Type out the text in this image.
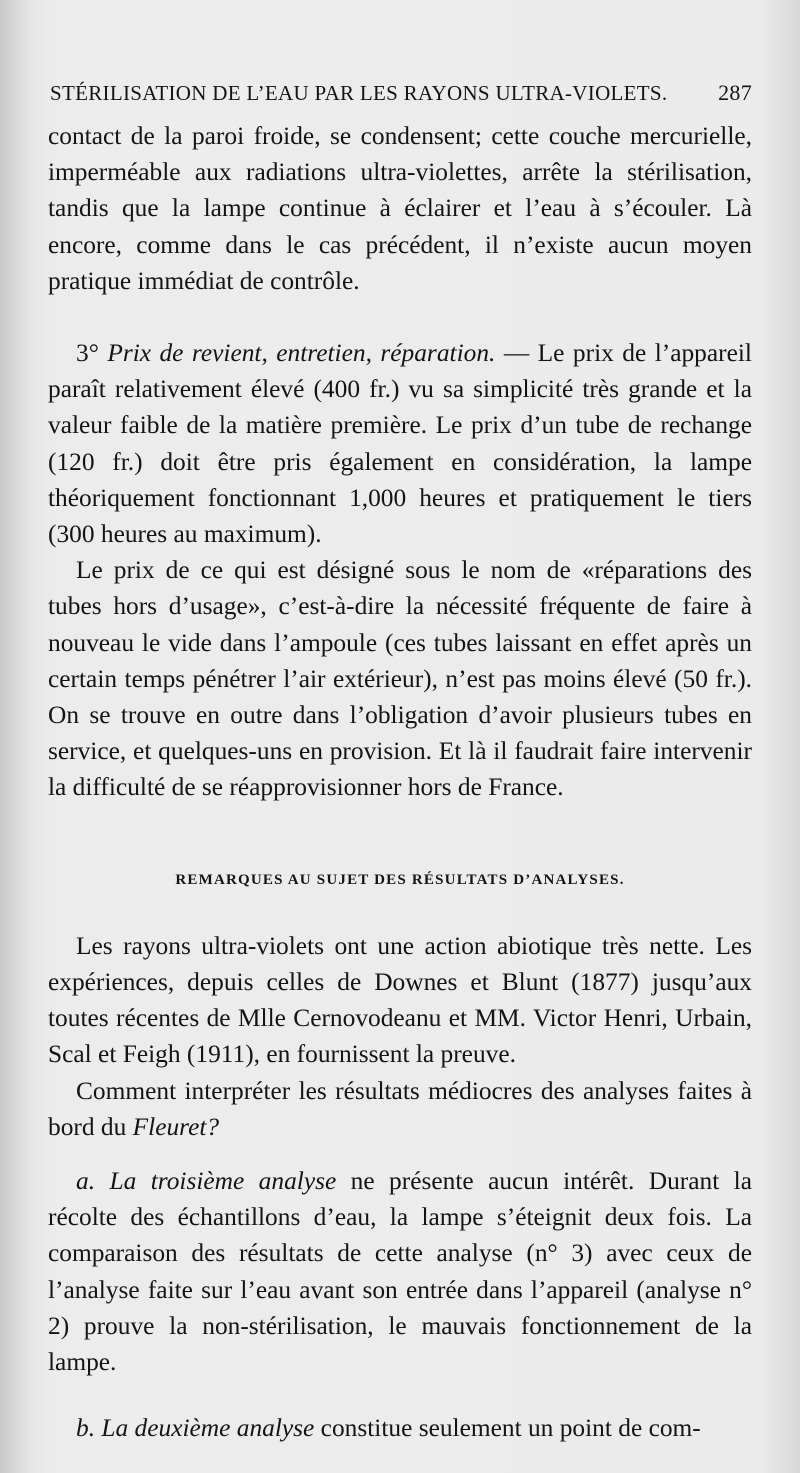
STÉRILISATION DE L’EAU PAR LES RAYONS ULTRA-VIOLETS. 287

contact de la paroi froide, se condensent; cette couche mercurielle, imperméable aux radiations ultra-violettes, arrête la stérilisation, tandis que la lampe continue à éclairer et l’eau à s’écouler. Là encore, comme dans le cas précédent, il n’existe aucun moyen pratique immédiat de contrôle.

3° Prix de revient, entretien, réparation. — Le prix de l’appareil paraît relativement élevé (400 fr.) vu sa simplicité très grande et la valeur faible de la matière première. Le prix d’un tube de rechange (120 fr.) doit être pris également en considération, la lampe théoriquement fonctionnant 1,000 heures et pratiquement le tiers (300 heures au maximum).

Le prix de ce qui est désigné sous le nom de «réparations des tubes hors d’usage», c’est-à-dire la nécessité fréquente de faire à nouveau le vide dans l’ampoule (ces tubes laissant en effet après un certain temps pénétrer l’air extérieur), n’est pas moins élevé (50 fr.). On se trouve en outre dans l’obligation d’avoir plusieurs tubes en service, et quelques-uns en provision. Et là il faudrait faire intervenir la difficulté de se réapprovisionner hors de France.

REMARQUES AU SUJET DES RÉSULTATS D’ANALYSES.

Les rayons ultra-violets ont une action abiotique très nette. Les expériences, depuis celles de Downes et Blunt (1877) jusqu’aux toutes récentes de Mlle Cernovodeanu et MM. Victor Henri, Urbain, Scal et Feigh (1911), en fournissent la preuve.

Comment interpréter les résultats médiocres des analyses faites à bord du Fleuret?

a. La troisième analyse ne présente aucun intérêt. Durant la récolte des échantillons d’eau, la lampe s’éteignit deux fois. La comparaison des résultats de cette analyse (n° 3) avec ceux de l’analyse faite sur l’eau avant son entrée dans l’appareil (analyse n° 2) prouve la non-stérilisation, le mauvais fonctionnement de la lampe.

b. La deuxième analyse constitue seulement un point de com-
